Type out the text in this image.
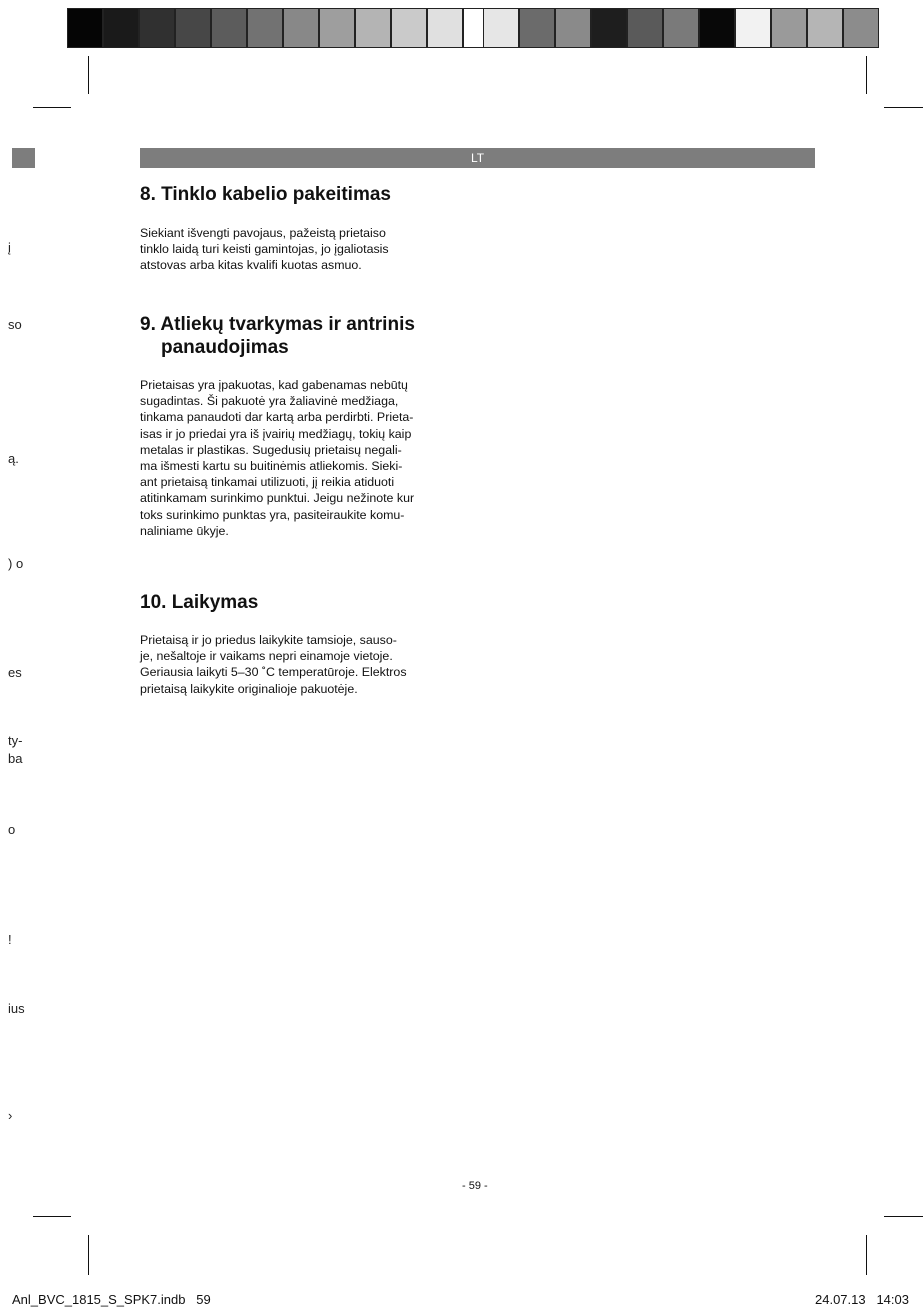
LT
8. Tinklo kabelio pakeitimas
Siekiant išvengti pavojaus, pažeistą prietaiso
tinklo laidą turi keisti gamintojas, jo įgaliotasis
atstovas arba kitas kvalifi kuotas asmuo.
9. Atliekų tvarkymas ir antrinis
panaudojimas
Prietaisas yra įpakuotas, kad gabenamas nebūtų
sugadintas. Ši pakuotė yra žaliavinė medžiaga,
tinkama panaudoti dar kartą arba perdirbti. Prieta-
isas ir jo priedai yra iš įvairių medžiagų, tokių kaip
metalas ir plastikas. Sugedusių prietaisų negali-
ma išmesti kartu su buitinėmis atliekomis. Sieki-
ant prietaisą tinkamai utilizuoti, jį reikia atiduoti
atitinkamam surinkimo punktui. Jeigu nežinote kur
toks surinkimo punktas yra, pasiteiraukite komu-
naliniame ūkyje.
10. Laikymas
Prietaisą ir jo priedus laikykite tamsioje, sauso-
je, nešaltoje ir vaikams nepri einamoje vietoje.
Geriausia laikyti 5–30 ˚C temperatūroje. Elektros
prietaisą laikykite originalioje pakuotėje.
į
so
ą.
) o
es
ty-
ba
o
!
ius
›
- 59 -
Anl_BVC_1815_S_SPK7.indb   59	24.07.13   14:03
